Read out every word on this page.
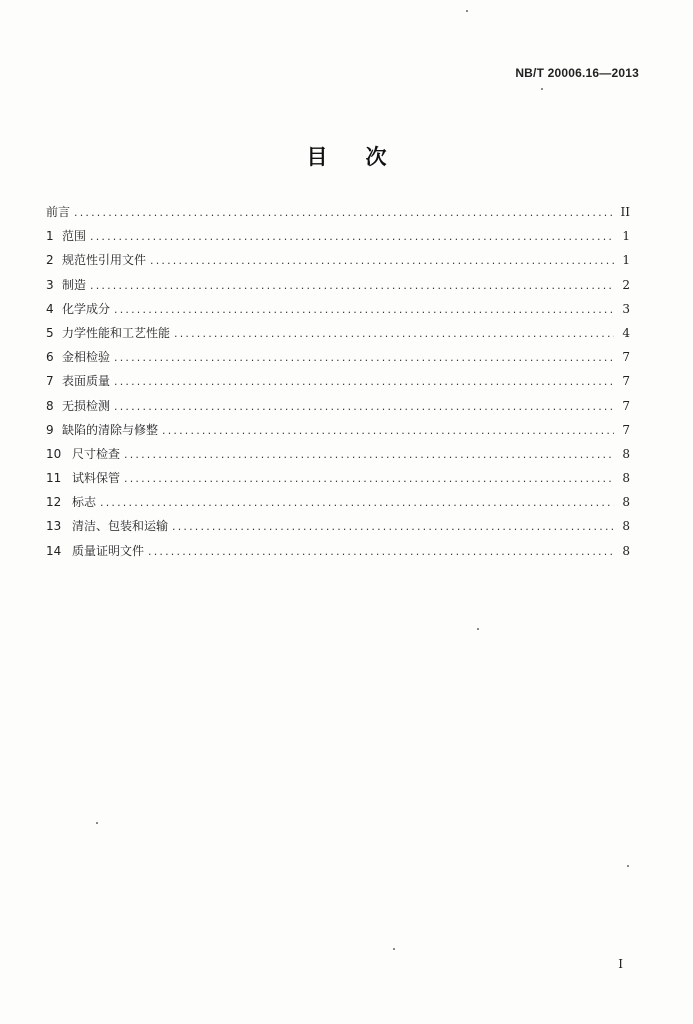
NB/T 20006.16—2013
目 次
前言 .....	II
1 范围 .....	1
2 规范性引用文件 .....	1
3 制造 .....	2
4 化学成分 .....	3
5 力学性能和工艺性能 .....	4
6 金相检验 .....	7
7 表面质量 .....	7
8 无损检测 .....	7
9 缺陷的清除与修整 .....	7
10 尺寸检查 .....	8
11 试料保管 .....	8
12 标志 .....	8
13 清洁、包装和运输 .....	8
14 质量证明文件 .....	8
I
